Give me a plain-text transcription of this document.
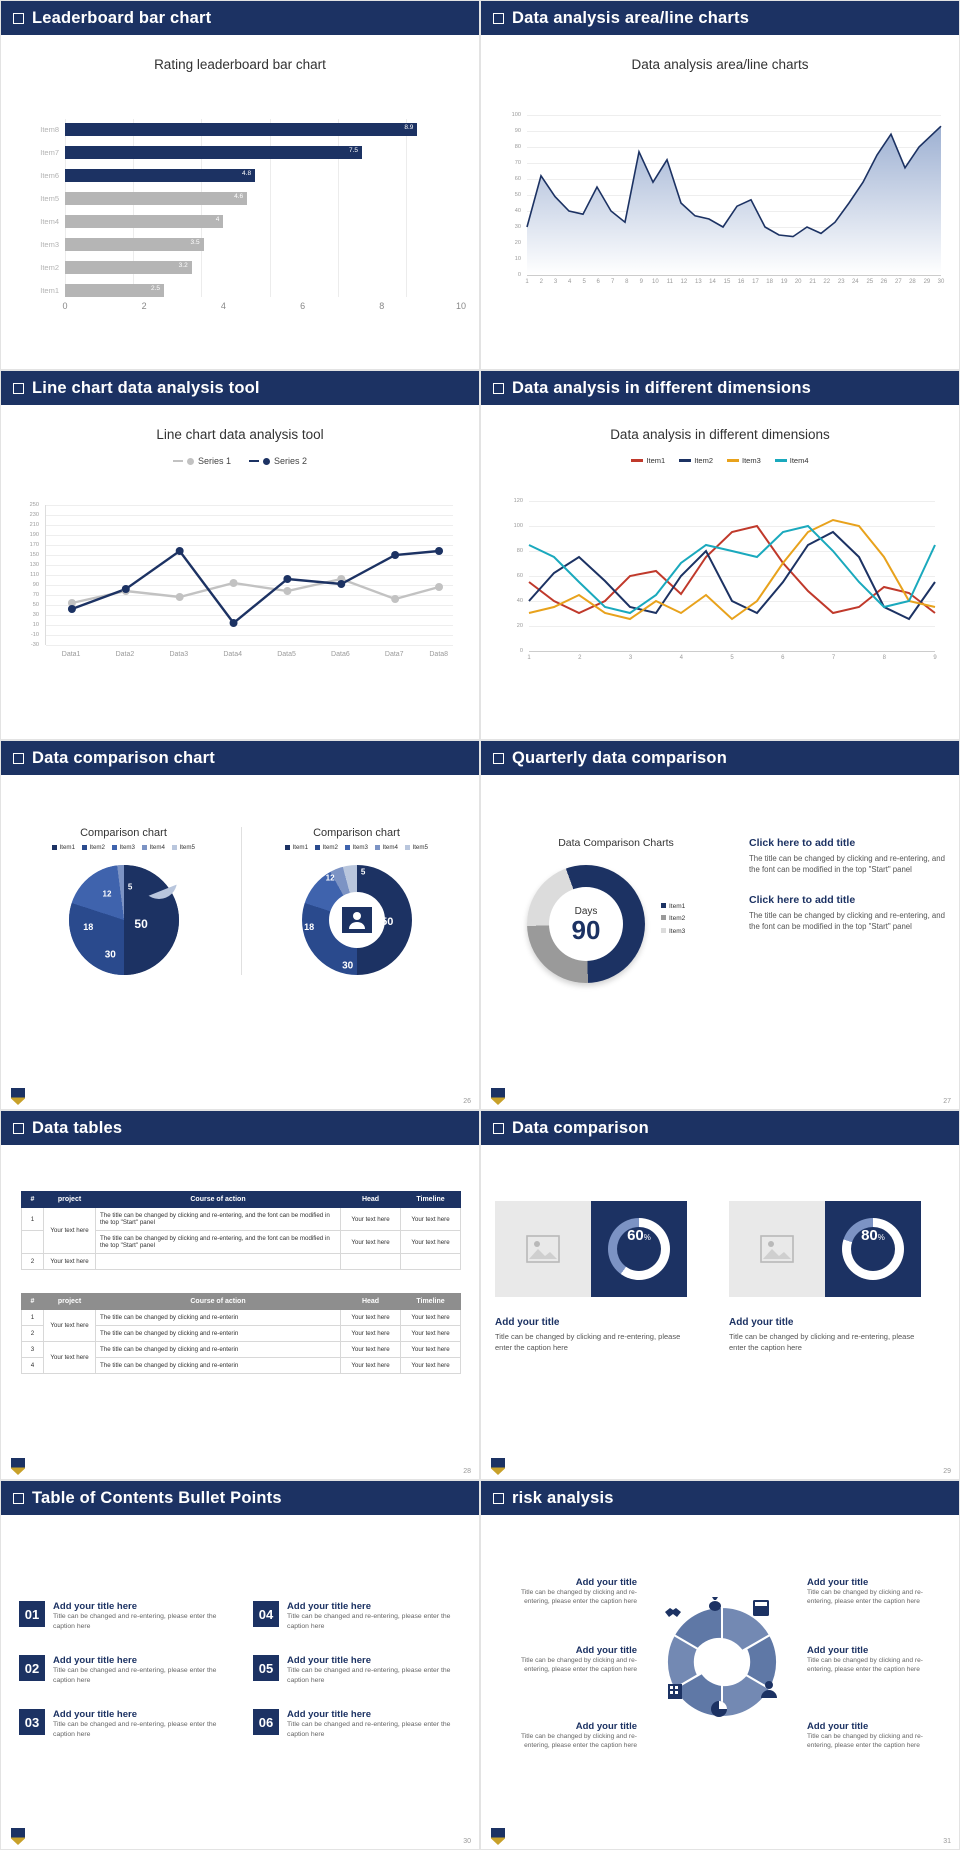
Leaderboard bar chart
Rating leaderboard bar chart
Item8	8.9
Item7	7.5
Item6	4.8
Item5	4.6
Item4	4
Item3	3.5
Item2	3.2
Item1	2.5
0	2	4	6	8	10
Data analysis area/line charts
Data analysis area/line charts
100
90
80
70
60
50
40
30
20
10
0
1 2 3 4 5 6 7 8 9 10 11 12 13 14 15 16 17 18 19 20 21 22 23 24 25 26 27 28 29 30
Line chart data analysis tool
Line chart data analysis tool
Series 1	Series 2
250
230
210
190
170
150
130
110
90
70
50
30
10
-10
-30
Data1	Data2	Data3	Data4	Data5	Data6	Data7	Data8
Data analysis in different dimensions
Data analysis in different dimensions
Item1	Item2	Item3	Item4
120
100
80
60
40
20
0
1	2	3	4	5	6	7	8	9
Data comparison chart
Comparison chart
Item1 Item2 Item3 Item4 Item5
50
30
18
12
5
Comparison chart
Item1 Item2 Item3 Item4 Item5
50
30
18
12
5
26
Quarterly data comparison
Data Comparison Charts
Days
90
Item1
Item2
Item3
Click here to add title
The title can be changed by clicking and re-entering, and the font can be modified in the top "Start" panel
Click here to add title
The title can be changed by clicking and re-entering, and the font can be modified in the top "Start" panel
27
Data tables
#	project	Course of action	Head	Timeline
1	Your text here	The title can be changed by clicking and re-entering, and the font can be modified in the top "Start" panel	Your text here	Your text here
		The title can be changed by clicking and re-entering, and the font can be modified in the top "Start" panel	Your text here	Your text here
2	Your text here			
#	project	Course of action	Head	Timeline
1	Your text here	The title can be changed by clicking and re-enterin	Your text here	Your text here
2		The title can be changed by clicking and re-enterin	Your text here	Your text here
3	Your text here	The title can be changed by clicking and re-enterin	Your text here	Your text here
4		The title can be changed by clicking and re-enterin	Your text here	Your text here
28
Data comparison
60 %	80 %
Add your title
Title can be changed by clicking and re-entering, please enter the caption here
Add your title
Title can be changed by clicking and re-entering, please enter the caption here
29
Table of Contents Bullet Points
01	Add your title here
Title can be changed and re-entering, please enter the caption here
04	Add your title here
Title can be changed and re-entering, please enter the caption here
02	Add your title here
Title can be changed and re-entering, please enter the caption here
05	Add your title here
Title can be changed and re-entering, please enter the caption here
03	Add your title here
Title can be changed and re-entering, please enter the caption here
06	Add your title here
Title can be changed and re-entering, please enter the caption here
30
risk analysis
Add your title
Title can be changed by clicking and re-entering, please enter the caption here
Add your title
Title can be changed by clicking and re-entering, please enter the caption here
Add your title
Title can be changed by clicking and re-entering, please enter the caption here
Add your title
Title can be changed by clicking and re-entering, please enter the caption here
Add your title
Title can be changed by clicking and re-entering, please enter the caption here
Add your title
Title can be changed by clicking and re-entering, please enter the caption here
31
